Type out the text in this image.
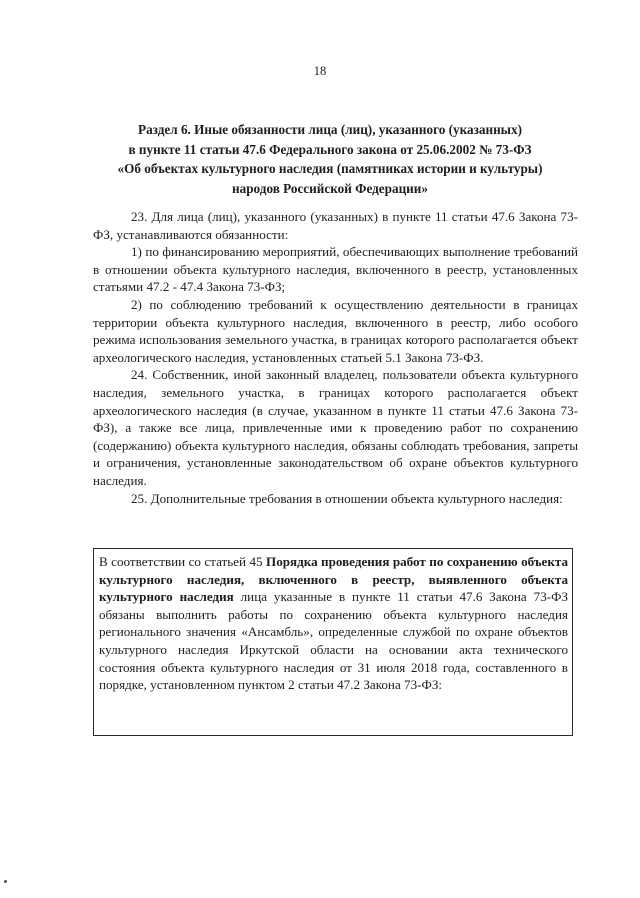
18
Раздел 6. Иные обязанности лица (лиц), указанного (указанных)
в пункте 11 статьи 47.6 Федерального закона от 25.06.2002 № 73-ФЗ
«Об объектах культурного наследия (памятниках истории и культуры)
народов Российской Федерации»

23. Для лица (лиц), указанного (указанных) в пункте 11 статьи 47.6 Закона 73-ФЗ, устанавливаются обязанности:

1) по финансированию мероприятий, обеспечивающих выполнение требований в отношении объекта культурного наследия, включенного в реестр, установленных статьями 47.2 - 47.4 Закона 73-ФЗ;

2) по соблюдению требований к осуществлению деятельности в границах территории объекта культурного наследия, включенного в реестр, либо особого режима использования земельного участка, в границах которого располагается объект археологического наследия, установленных статьей 5.1 Закона 73-ФЗ.

24. Собственник, иной законный владелец, пользователи объекта культурного наследия, земельного участка, в границах которого располагается объект археологического наследия (в случае, указанном в пункте 11 статьи 47.6 Закона 73-ФЗ), а также все лица, привлеченные ими к проведению работ по сохранению (содержанию) объекта культурного наследия, обязаны соблюдать требования, запреты и ограничения, установленные законодательством об охране объектов культурного наследия.

25. Дополнительные требования в отношении объекта культурного наследия:

В соответствии со статьей 45 Порядка проведения работ по сохранению объекта культурного наследия, включенного в реестр, выявленного объекта культурного наследия лица указанные в пункте 11 статьи 47.6 Закона 73-ФЗ обязаны выполнить работы по сохранению объекта культурного наследия регионального значения «Ансамбль», определенные службой по охране объектов культурного наследия Иркутской области на основании акта технического состояния объекта культурного наследия от 31 июля 2018 года, составленного в порядке, установленном пунктом 2 статьи 47.2 Закона 73-ФЗ:
